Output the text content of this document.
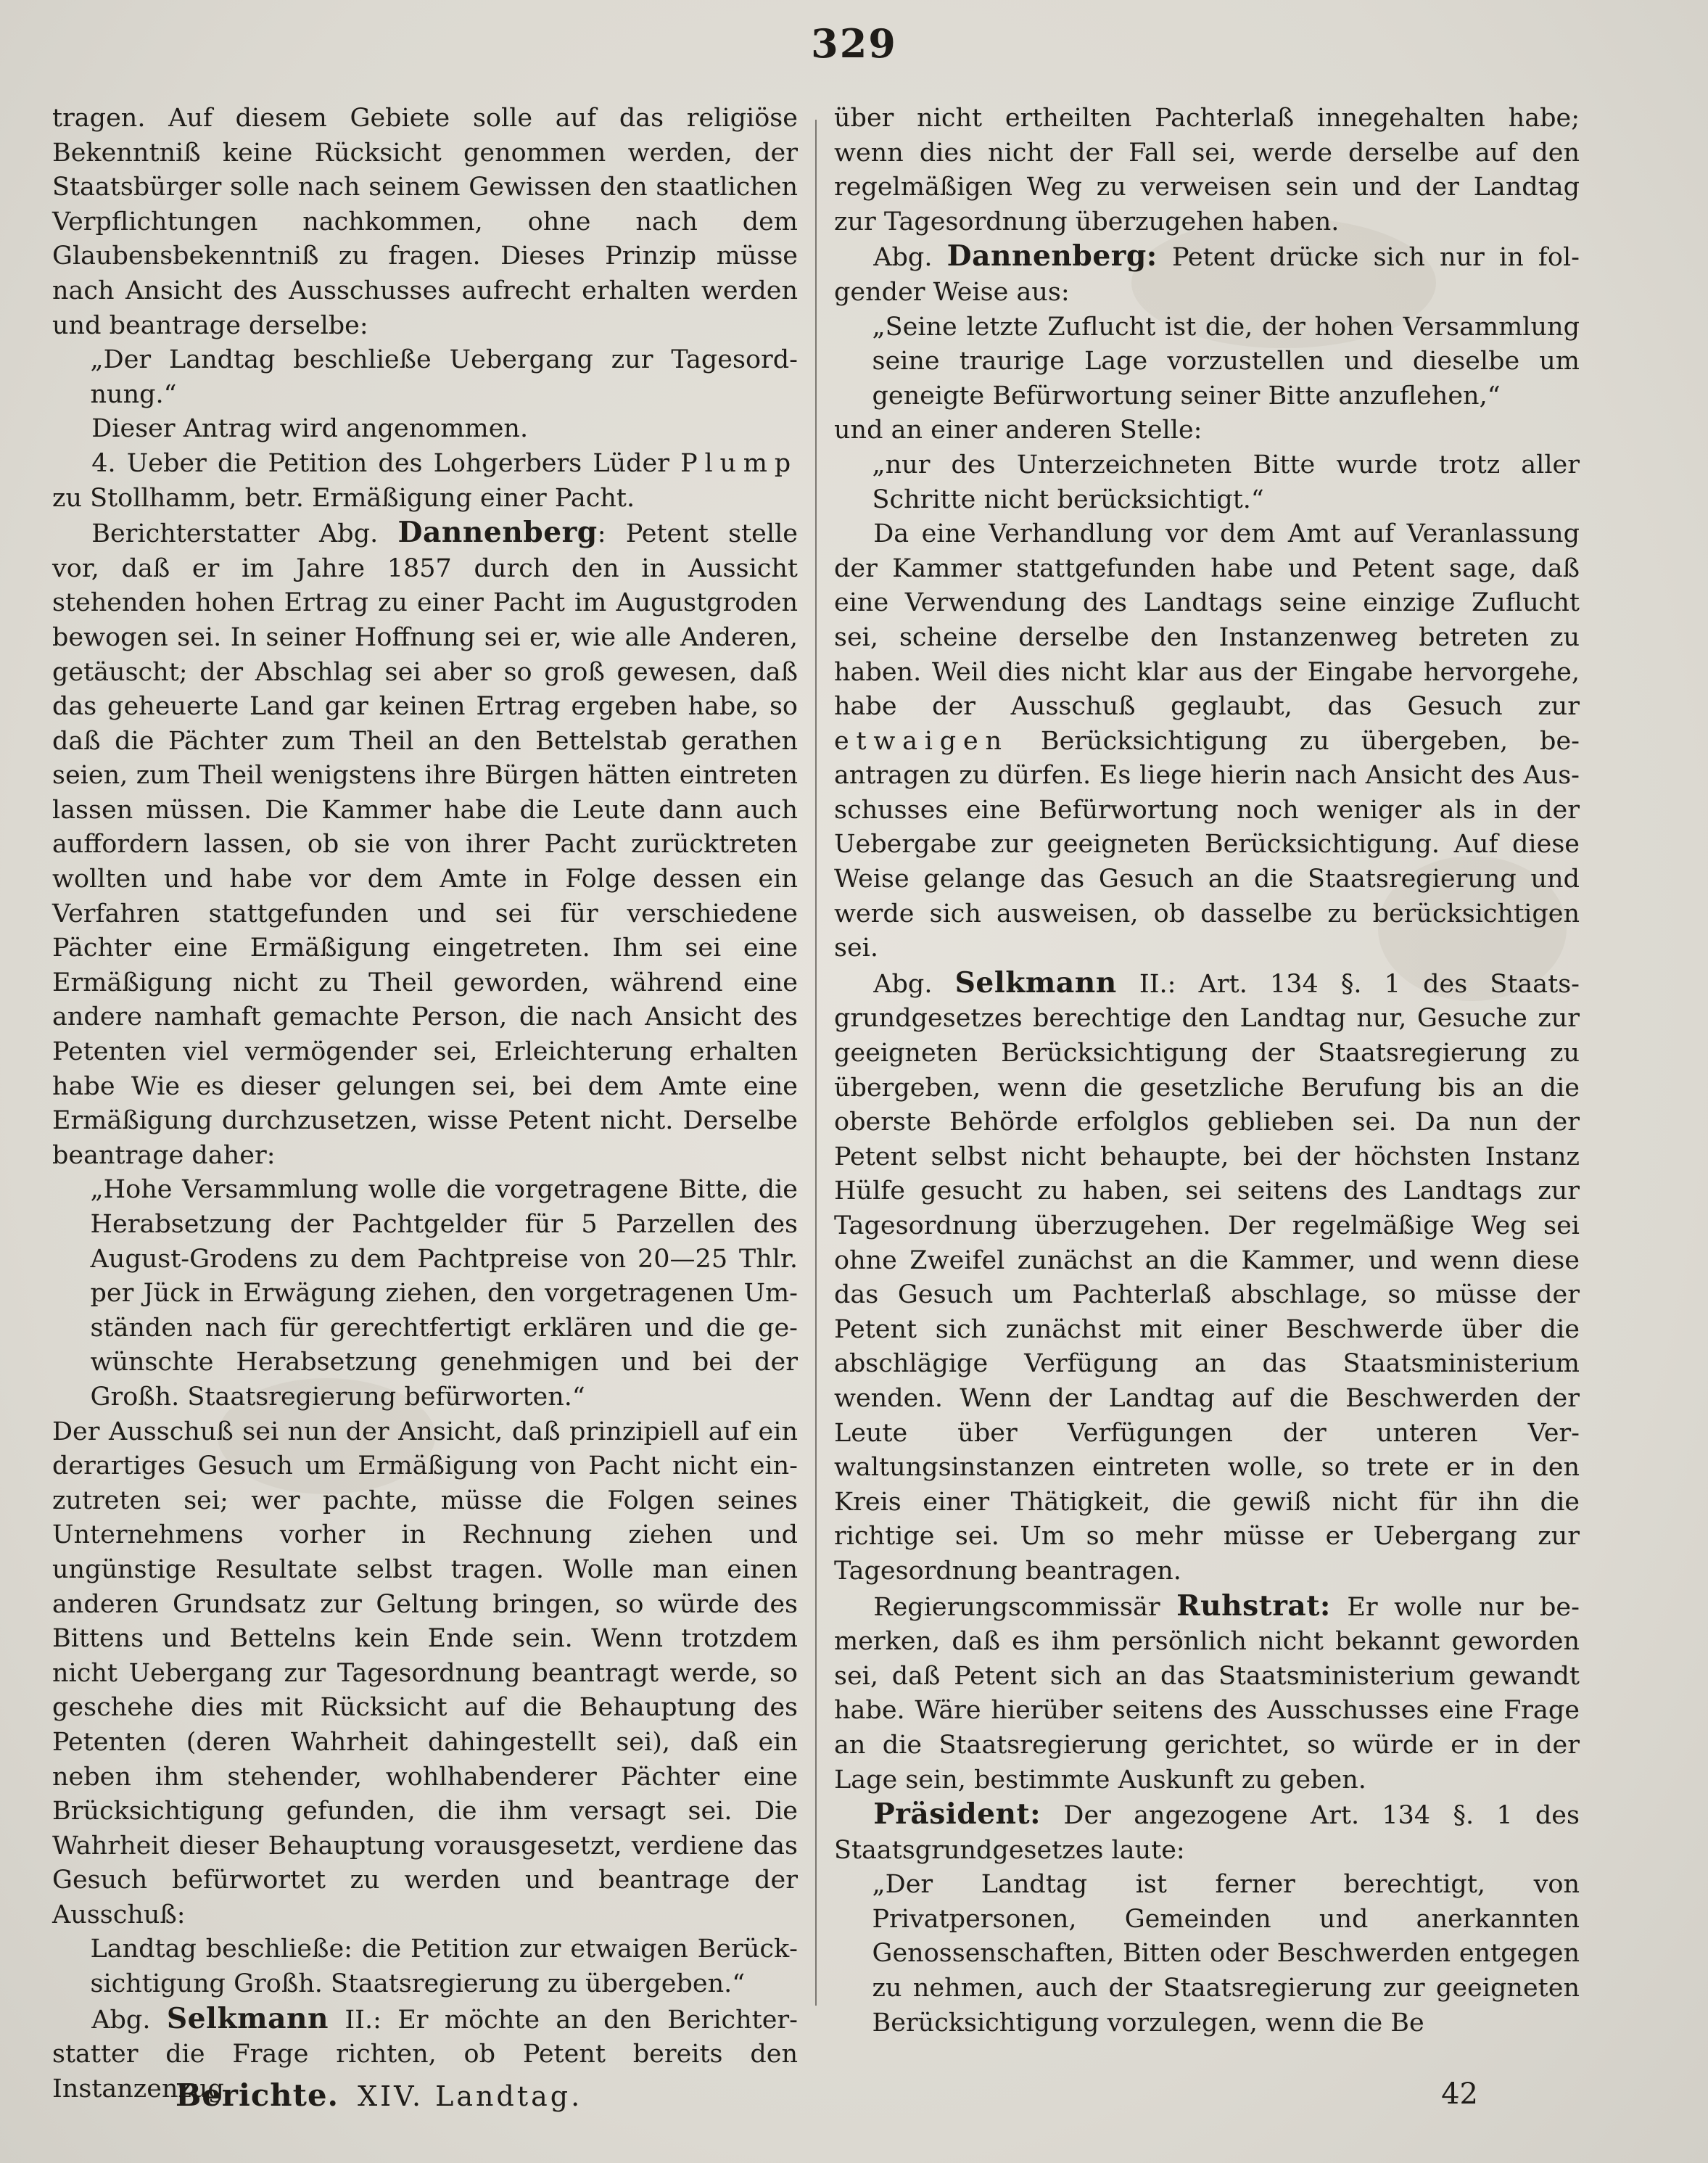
329

tragen. Auf diesem Gebiete solle auf das religiöse Bekenntniß keine Rücksicht genommen werden, der Staatsbürger solle nach seinem Gewissen den staatlichen Verpflichtungen nachkommen, ohne nach dem Glaubensbekenntniß zu fragen. Dieses Prinzip müsse nach Ansicht des Ausschusses aufrecht erhalten werden und beantrage derselbe:

„Der Landtag beschließe Uebergang zur Tagesordnung.“

Dieser Antrag wird angenommen.

4. Ueber die Petition des Lohgerbers Lüder Plump zu Stollhamm, betr. Ermäßigung einer Pacht.

Berichterstatter Abg. Dannenberg: Petent stelle vor, daß er im Jahre 1857 durch den in Aussicht stehenden hohen Ertrag zu einer Pacht im Augustgroden bewogen sei. In seiner Hoffnung sei er, wie alle Anderen, getäuscht; der Abschlag sei aber so groß gewesen, daß das geheuerte Land gar keinen Ertrag ergeben habe, so daß die Pächter zum Theil an den Bettelstab gerathen seien, zum Theil wenigstens ihre Bürgen hätten eintreten lassen müssen. Die Kammer habe die Leute dann auch auffordern lassen, ob sie von ihrer Pacht zurücktreten wollten und habe vor dem Amte in Folge dessen ein Verfahren stattgefunden und sei für verschiedene Pächter eine Ermäßigung eingetreten. Ihm sei eine Ermäßigung nicht zu Theil geworden, während eine andere namhaft gemachte Person, die nach Ansicht des Petenten viel vermögender sei, Erleichterung erhalten habe Wie es dieser gelungen sei, bei dem Amte eine Ermäßigung durchzusetzen, wisse Petent nicht. Derselbe beantrage daher:

„Hohe Versammlung wolle die vorgetragene Bitte, die Herabsetzung der Pachtgelder für 5 Parzellen des August-Grodens zu dem Pachtpreise von 20—25 Thlr. per Jück in Erwägung ziehen, den vorgetragenen Umständen nach für gerechtfertigt erklären und die gewünschte Herabsetzung genehmigen und bei der Großh. Staatsregierung befürworten.“

Der Ausschuß sei nun der Ansicht, daß prinzipiell auf ein derartiges Gesuch um Ermäßigung von Pacht nicht einzutreten sei; wer pachte, müsse die Folgen seines Unternehmens vorher in Rechnung ziehen und ungünstige Resultate selbst tragen. Wolle man einen anderen Grundsatz zur Geltung bringen, so würde des Bittens und Bettelns kein Ende sein. Wenn trotzdem nicht Uebergang zur Tagesordnung beantragt werde, so geschehe dies mit Rücksicht auf die Behauptung des Petenten (deren Wahrheit dahingestellt sei), daß ein neben ihm stehender, wohlhabenderer Pächter eine Brücksichtigung gefunden, die ihm versagt sei. Die Wahrheit dieser Behauptung vorausgesetzt, verdiene das Gesuch befürwortet zu werden und beantrage der Ausschuß:

Landtag beschließe: die Petition zur etwaigen Berücksichtigung Großh. Staatsregierung zu übergeben.“

Abg. Selkmann II.: Er möchte an den Berichterstatter die Frage richten, ob Petent bereits den Instanzenzug

über nicht ertheilten Pachterlaß innegehalten habe; wenn dies nicht der Fall sei, werde derselbe auf den regelmäßigen Weg zu verweisen sein und der Landtag zur Tagesordnung überzugehen haben.

Abg. Dannenberg: Petent drücke sich nur in folgender Weise aus:

„Seine letzte Zuflucht ist die, der hohen Versammlung seine traurige Lage vorzustellen und dieselbe um geneigte Befürwortung seiner Bitte anzuflehen,“

und an einer anderen Stelle:

„nur des Unterzeichneten Bitte wurde trotz aller Schritte nicht berücksichtigt.“

Da eine Verhandlung vor dem Amt auf Veranlassung der Kammer stattgefunden habe und Petent sage, daß eine Verwendung des Landtags seine einzige Zuflucht sei, scheine derselbe den Instanzenweg betreten zu haben. Weil dies nicht klar aus der Eingabe hervorgehe, habe der Ausschuß geglaubt, das Gesuch zur etwaigen Berücksichtigung zu übergeben, beantragen zu dürfen. Es liege hierin nach Ansicht des Ausschusses eine Befürwortung noch weniger als in der Uebergabe zur geeigneten Berücksichtigung. Auf diese Weise gelange das Gesuch an die Staatsregierung und werde sich ausweisen, ob dasselbe zu berücksichtigen sei.

Abg. Selkmann II.: Art. 134 §. 1 des Staatsgrundgesetzes berechtige den Landtag nur, Gesuche zur geeigneten Berücksichtigung der Staatsregierung zu übergeben, wenn die gesetzliche Berufung bis an die oberste Behörde erfolglos geblieben sei. Da nun der Petent selbst nicht behaupte, bei der höchsten Instanz Hülfe gesucht zu haben, sei seitens des Landtags zur Tagesordnung überzugehen. Der regelmäßige Weg sei ohne Zweifel zunächst an die Kammer, und wenn diese das Gesuch um Pachterlaß abschlage, so müsse der Petent sich zunächst mit einer Beschwerde über die abschlägige Verfügung an das Staatsministerium wenden. Wenn der Landtag auf die Beschwerden der Leute über Verfügungen der unteren Verwaltungsinstanzen eintreten wolle, so trete er in den Kreis einer Thätigkeit, die gewiß nicht für ihn die richtige sei. Um so mehr müsse er Uebergang zur Tagesordnung beantragen.

Regierungscommissär Ruhstrat: Er wolle nur bemerken, daß es ihm persönlich nicht bekannt geworden sei, daß Petent sich an das Staatsministerium gewandt habe. Wäre hierüber seitens des Ausschusses eine Frage an die Staatsregierung gerichtet, so würde er in der Lage sein, bestimmte Auskunft zu geben.

Präsident: Der angezogene Art. 134 §. 1 des Staatsgrundgesetzes laute:

„Der Landtag ist ferner berechtigt, von Privatpersonen, Gemeinden und anerkannten Genossenschaften, Bitten oder Beschwerden entgegen zu nehmen, auch der Staatsregierung zur geeigneten Berücksichtigung vorzulegen, wenn die Be

Berichte. XIV. Landtag.	42
